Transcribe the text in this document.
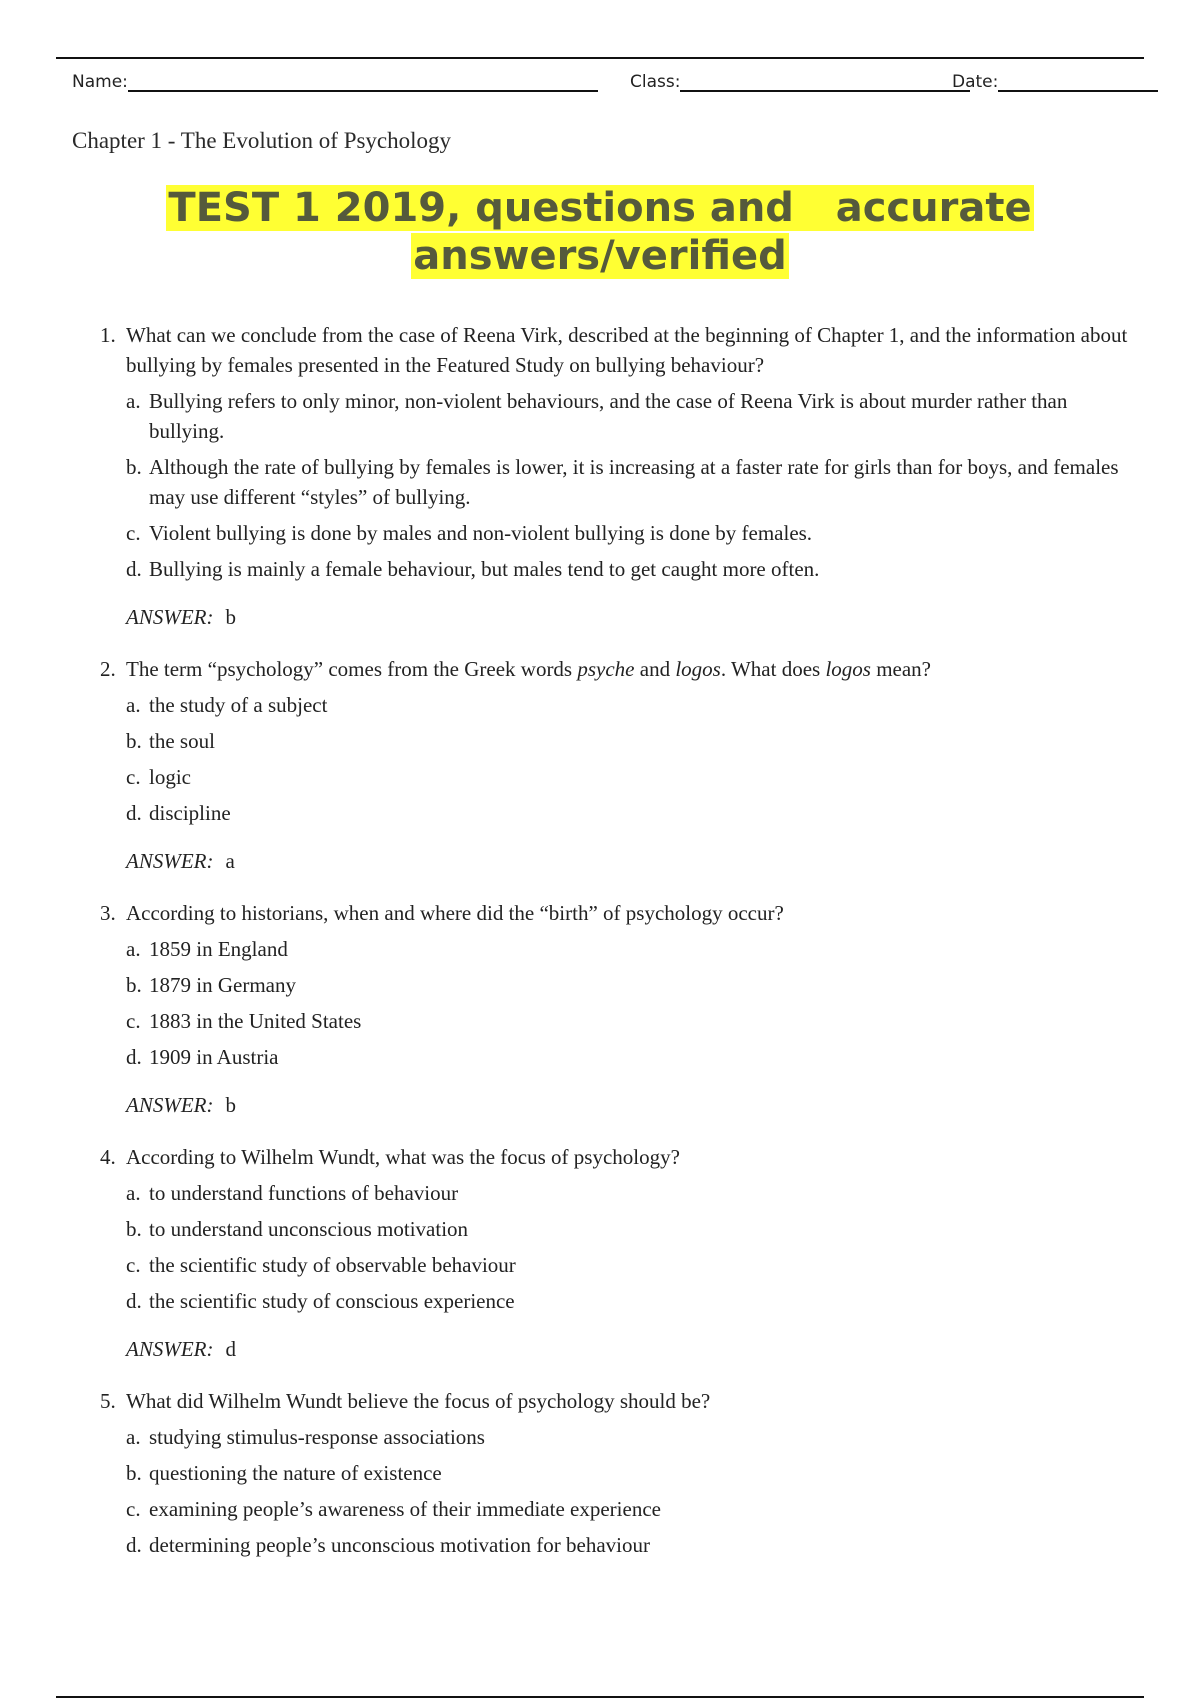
Name:	Class:	Date:
Chapter 1 - The Evolution of Psychology
TEST 1 2019, questions and   accurate
answers/verified
1. What can we conclude from the case of Reena Virk, described at the beginning of Chapter 1, and the information about bullying by females presented in the Featured Study on bullying behaviour?
a. Bullying refers to only minor, non-violent behaviours, and the case of Reena Virk is about murder rather than bullying.
b. Although the rate of bullying by females is lower, it is increasing at a faster rate for girls than for boys, and females may use different “styles” of bullying.
c. Violent bullying is done by males and non-violent bullying is done by females.
d. Bullying is mainly a female behaviour, but males tend to get caught more often.
ANSWER: b
2. The term “psychology” comes from the Greek words psyche and logos. What does logos mean?
a. the study of a subject
b. the soul
c. logic
d. discipline
ANSWER: a
3. According to historians, when and where did the “birth” of psychology occur?
a. 1859 in England
b. 1879 in Germany
c. 1883 in the United States
d. 1909 in Austria
ANSWER: b
4. According to Wilhelm Wundt, what was the focus of psychology?
a. to understand functions of behaviour
b. to understand unconscious motivation
c. the scientific study of observable behaviour
d. the scientific study of conscious experience
ANSWER: d
5. What did Wilhelm Wundt believe the focus of psychology should be?
a. studying stimulus-response associations
b. questioning the nature of existence
c. examining people’s awareness of their immediate experience
d. determining people’s unconscious motivation for behaviour
